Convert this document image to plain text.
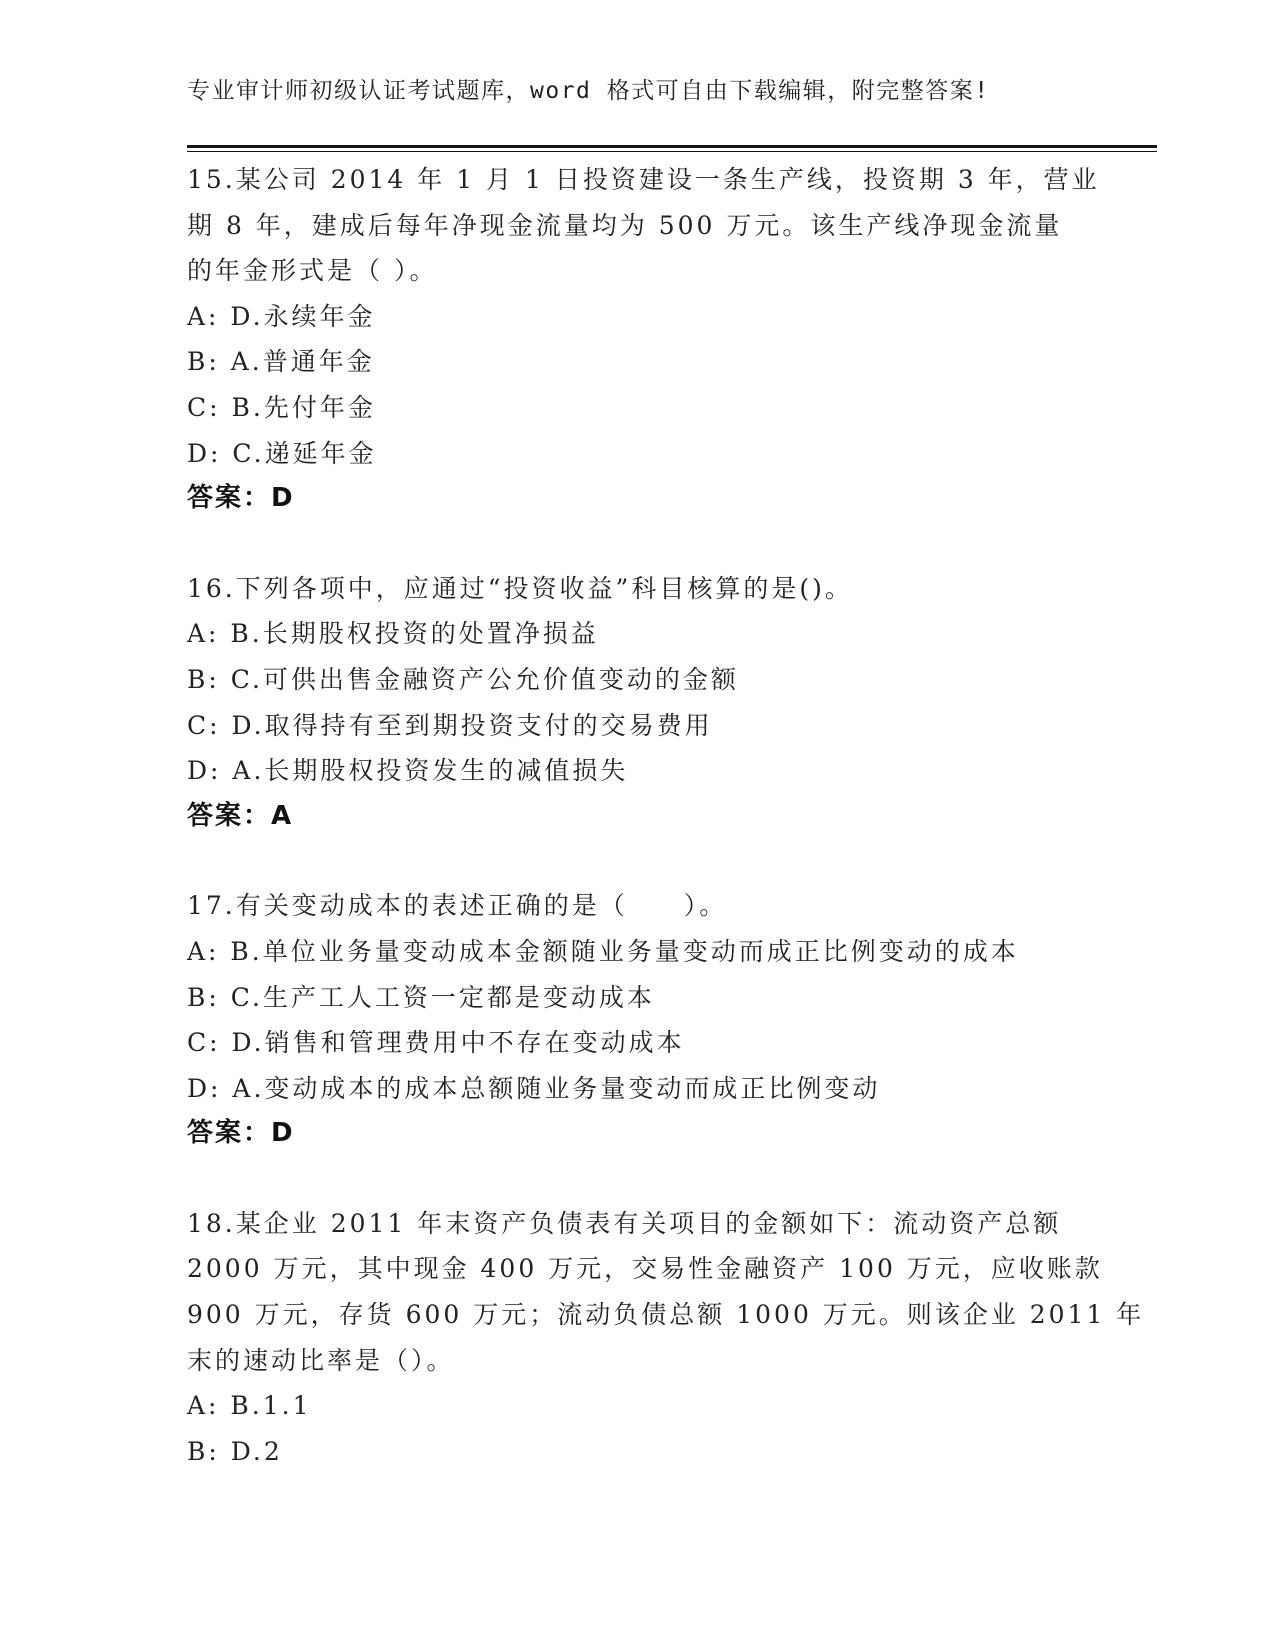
专业审计师初级认证考试题库，word 格式可自由下载编辑，附完整答案!
15.某公司 2014 年 1 月 1 日投资建设一条生产线，投资期 3 年，营业
期 8 年，建成后每年净现金流量均为 500 万元。该生产线净现金流量
的年金形式是（ ）。
A: D.永续年金
B: A.普通年金
C: B.先付年金
D: C.递延年金
答案：D
16.下列各项中，应通过“投资收益”科目核算的是()。
A: B.长期股权投资的处置净损益
B: C.可供出售金融资产公允价值变动的金额
C: D.取得持有至到期投资支付的交易费用
D: A.长期股权投资发生的减值损失
答案：A
17.有关变动成本的表述正确的是（　　）。
A: B.单位业务量变动成本金额随业务量变动而成正比例变动的成本
B: C.生产工人工资一定都是变动成本
C: D.销售和管理费用中不存在变动成本
D: A.变动成本的成本总额随业务量变动而成正比例变动
答案：D
18.某企业 2011 年末资产负债表有关项目的金额如下：流动资产总额
2000 万元，其中现金 400 万元，交易性金融资产 100 万元，应收账款
900 万元，存货 600 万元；流动负债总额 1000 万元。则该企业 2011 年
末的速动比率是（）。
A: B.1.1
B: D.2
